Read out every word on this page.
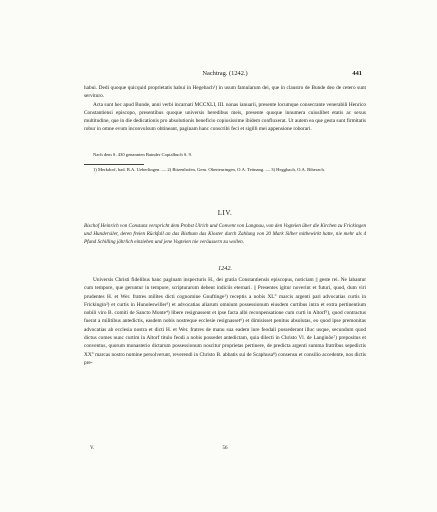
Nachtrag. (1242.)	441

habui. Dedi quoque quicquid proprietatis habui in Hegebach¹) in usum famularum dei, que in claustro de Bunde deo de cetero sunt servituro.

Acta sunt hec apud Bunde, anni verbi incarnati MCCXLI, III. nonas ianuarii, presente locumque consecrante venerabili Henrico Constantiensi episcopo, presentibus quoque universis heredibus meis, presente quoque innumera cuiuslibet etatis ac sexus multitudine, que in die dedicationis pro absolutionis beneficio copiosissime ibidem confluxerat. Ut autem ea que gesta sunt firmitatis robur in omne evum inconvulsum obtineant, paginam hanc conscribi feci et sigilli mei appensione roborari.

Nach dem S. 430 genannten Bainder Copialbuch S. 9.

1) Merkdorf, bad. B.A. Ueberlingen. — 2) Bitzenhofen, Gem. Oberteuringen, O.A. Tettnang. — 3) Heggbach, O.A. Biberach.

LIV.
Bischof Heinrich von Constanz verspricht dem Probst Ulrich und Convent von Langnau, von den Vogteien über die Kirchen zu Frickingen und Hundersiler, deren freien Rückfall an das Bisthum das Kloster durch Zahlung von 20 Mark Silber mitbewirkt hatte, nie mehr als 4 Pfund Schilling jährlich einziehen und jene Vogteien nie veräussern zu wollen.
1242.

Universis Christi fidelibus hanc paginam inspecturis H., dei gratia Constantiensis episcopus, noticiam || geste rei. Ne labantur cum tempore, que geruntur in tempore, scripturarum debent indiciis eternari. || Presentes igitur noverint et futuri, quod, dum viri prudentes H. et Wer. fratres milites dicti cognomine Gnuftinge¹) receptis a nobis XL° marcis argenti pari advocatias curtis in Frickingin²) et curtis in Hunoleswiller³) et advocatias aliarum omnium possessionum eiusdem curtibus intra et extra pertinentium nobili viro B. comiti de Sancto Monte⁴) libere resignassent et ipse facta albi reconpensatione cum curti in Altorf⁵), quod contractus fuerat a militibus antedictis, easdem nobis nostreque ecclesie resignasset⁶) et dimisisset penitus absolutas, eo quod ipse premonitas advocatias ab ecclesia nostra et dicti H. et Wer. fratres de manu sua eadem iure feodali possederant illuc usque, secundum quod dictus comes nunc curtim in Altorf titulo feodi a nobis possedet antedictam, quia dilecti in Christo Vl. de Langinôe⁷) prepositus et conventus, quorum monasterio dictarum possessionum noscitur proprietas pertinere, de predicta argenti summa fratribus sepedictis XX° marcas nostro nomine persolverunt, reverendi in Christo B. abbatis sui de Scaphusa⁸) consensu et consilio accedente, nos dictis pre-

V.	56
